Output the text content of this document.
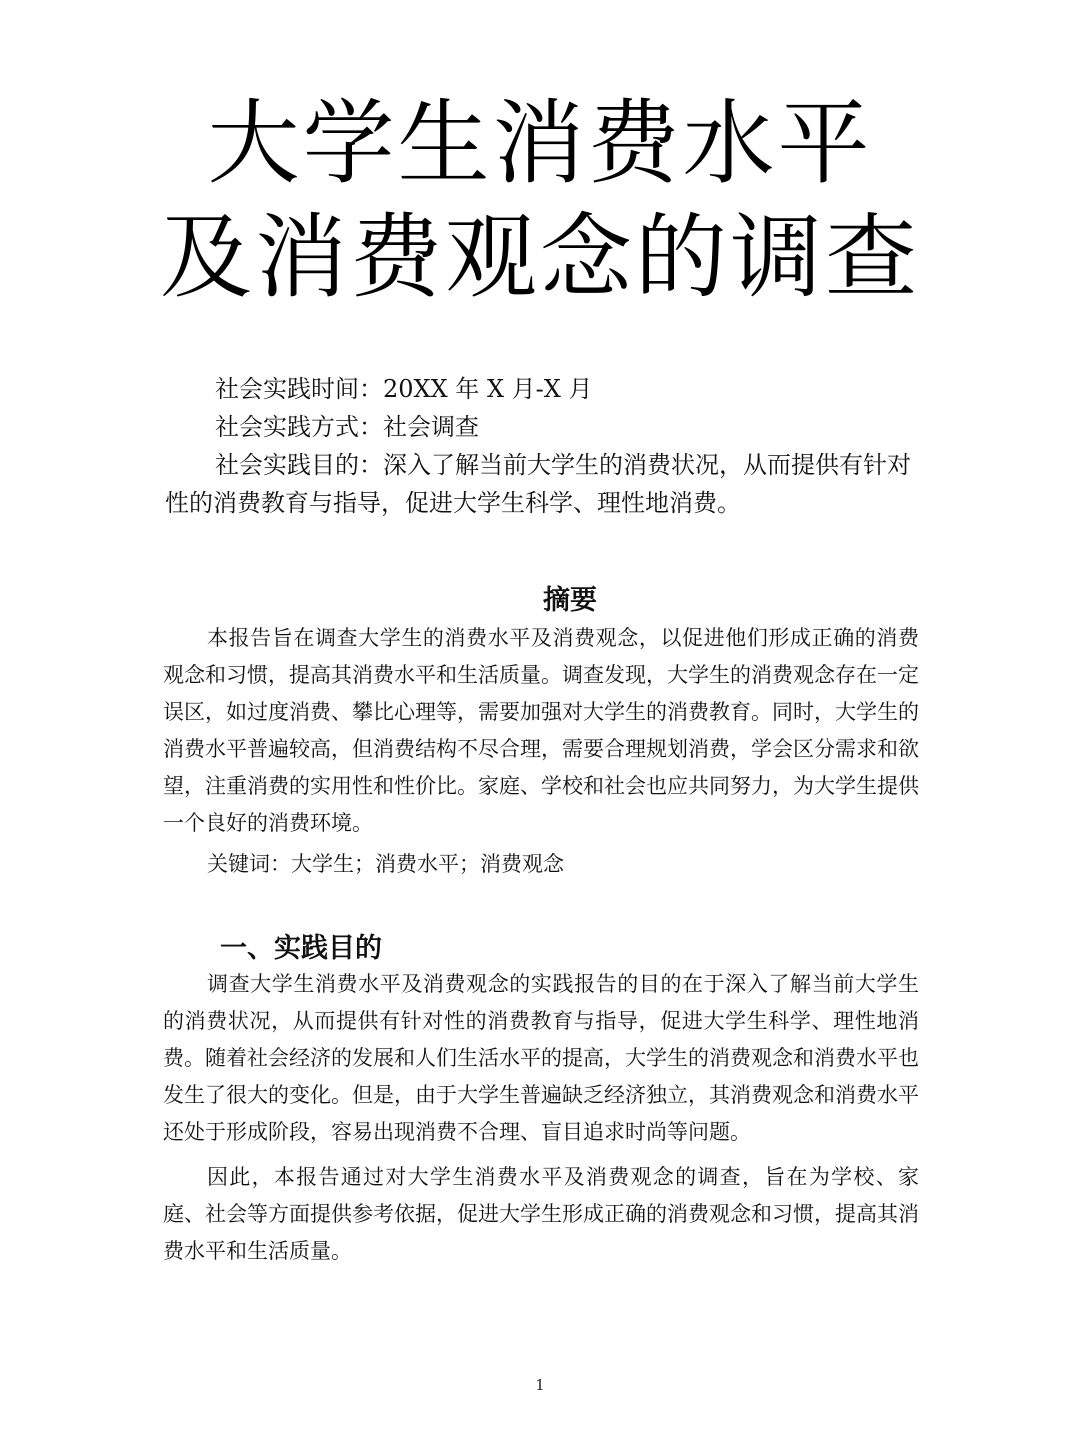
大学生消费水平
及消费观念的调查

社会实践时间：20XX 年 X 月-X 月

社会实践方式：社会调查

社会实践目的：深入了解当前大学生的消费状况，从而提供有针对性的消费教育与指导，促进大学生科学、理性地消费。

摘要

本报告旨在调查大学生的消费水平及消费观念，以促进他们形成正确的消费观念和习惯，提高其消费水平和生活质量。调查发现，大学生的消费观念存在一定误区，如过度消费、攀比心理等，需要加强对大学生的消费教育。同时，大学生的消费水平普遍较高，但消费结构不尽合理，需要合理规划消费，学会区分需求和欲望，注重消费的实用性和性价比。家庭、学校和社会也应共同努力，为大学生提供一个良好的消费环境。

关键词：大学生；消费水平；消费观念

一、实践目的

调查大学生消费水平及消费观念的实践报告的目的在于深入了解当前大学生的消费状况，从而提供有针对性的消费教育与指导，促进大学生科学、理性地消费。随着社会经济的发展和人们生活水平的提高，大学生的消费观念和消费水平也发生了很大的变化。但是，由于大学生普遍缺乏经济独立，其消费观念和消费水平还处于形成阶段，容易出现消费不合理、盲目追求时尚等问题。

因此，本报告通过对大学生消费水平及消费观念的调查，旨在为学校、家庭、社会等方面提供参考依据，促进大学生形成正确的消费观念和习惯，提高其消费水平和生活质量。

1
